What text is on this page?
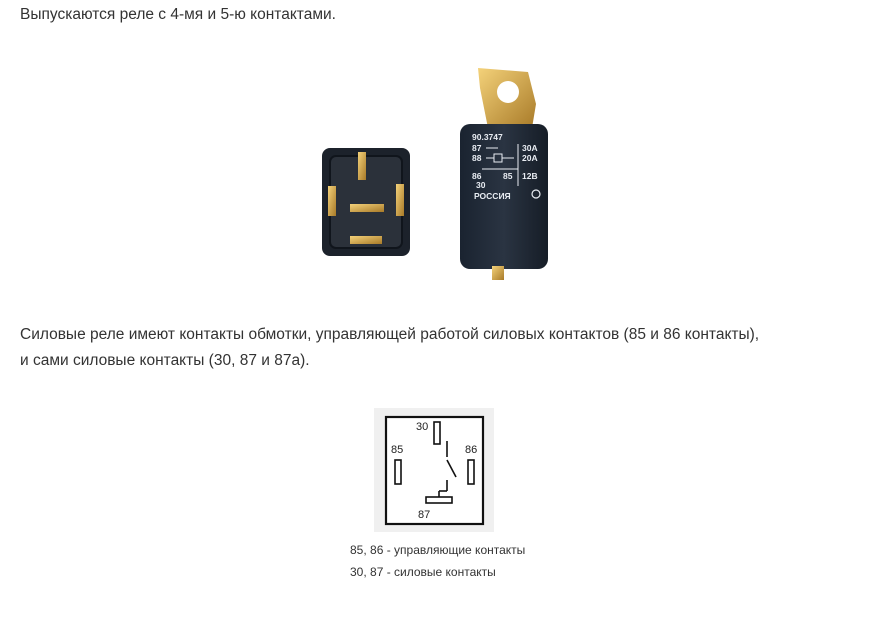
Выпускаются реле с 4-мя и 5-ю контактами.

90.3747
87
88
86	85
30
30A
20A
12В
РОССИЯ

Силовые реле имеют контакты обмотки, управляющей работой силовых контактов (85 и 86 контакты),
и сами силовые контакты (30, 87 и 87а).

30
85	86
87

85, 86 - управляющие контакты

30, 87 - силовые контакты
